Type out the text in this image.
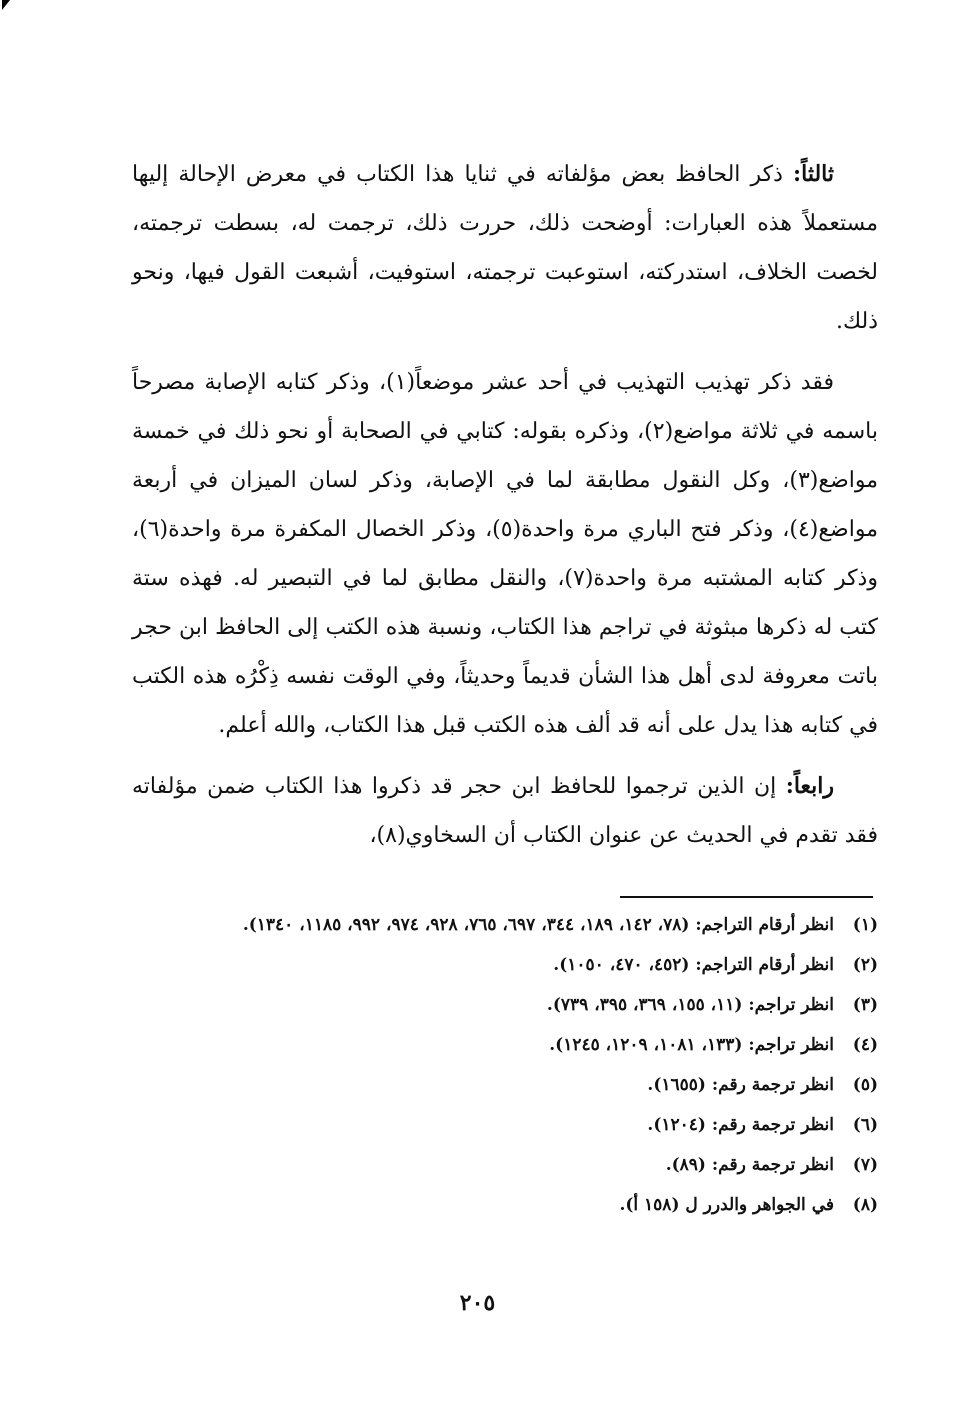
ثالثاً: ذكر الحافظ بعض مؤلفاته في ثنايا هذا الكتاب في معرض الإحالة إليها مستعملاً هذه العبارات: أوضحت ذلك، حررت ذلك، ترجمت له، بسطت ترجمته، لخصت الخلاف، استدركته، استوعبت ترجمته، استوفيت، أشبعت القول فيها، ونحو ذلك.

فقد ذكر تهذيب التهذيب في أحد عشر موضعاً(١)، وذكر كتابه الإصابة مصرحاً باسمه في ثلاثة مواضع(٢)، وذكره بقوله: كتابي في الصحابة أو نحو ذلك في خمسة مواضع(٣)، وكل النقول مطابقة لما في الإصابة، وذكر لسان الميزان في أربعة مواضع(٤)، وذكر فتح الباري مرة واحدة(٥)، وذكر الخصال المكفرة مرة واحدة(٦)، وذكر كتابه المشتبه مرة واحدة(٧)، والنقل مطابق لما في التبصير له. فهذه ستة كتب له ذكرها مبثوثة في تراجم هذا الكتاب، ونسبة هذه الكتب إلى الحافظ ابن حجر باتت معروفة لدى أهل هذا الشأن قديماً وحديثاً، وفي الوقت نفسه ذِكْرُه هذه الكتب في كتابه هذا يدل على أنه قد ألف هذه الكتب قبل هذا الكتاب، والله أعلم.

رابعاً: إن الذين ترجموا للحافظ ابن حجر قد ذكروا هذا الكتاب ضمن مؤلفاته فقد تقدم في الحديث عن عنوان الكتاب أن السخاوي(٨)،

(١)
انظر أرقام التراجم: (٧٨، ١٤٢، ١٨٩، ٣٤٤، ٦٩٧، ٧٦٥، ٩٢٨، ٩٧٤، ٩٩٢، ١١٨٥، ١٣٤٠).
(٢)
انظر أرقام التراجم: (٤٥٢، ٤٧٠، ١٠٥٠).
(٣)
انظر تراجم: (١١، ١٥٥، ٣٦٩، ٣٩٥، ٧٣٩).
(٤)
انظر تراجم: (١٣٣، ١٠٨١، ١٢٠٩، ١٢٤٥).
(٥)
انظر ترجمة رقم: (١٦٥٥).
(٦)
انظر ترجمة رقم: (١٢٠٤).
(٧)
انظر ترجمة رقم: (٨٩).
(٨)
في الجواهر والدرر ل (١٥٨ أ).
٢٠٥
